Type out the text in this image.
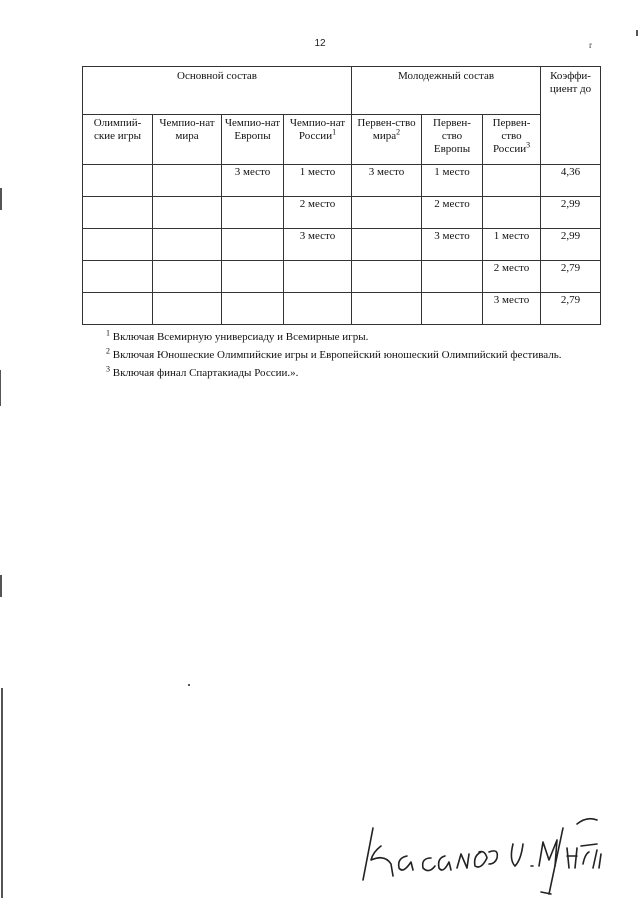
12	r
Основной состав				Молодежный состав			Коэффи-циент до

Олимпий-ские игры	Чемпио-нат мира	Чемпио-нат Европы	Чемпио-нат России$^1$	Первен-ство мира$^2$	Первен-ство Европы	Первен-ство России$^3$
		3 место	1 место	3 место	1 место		4,36
			2 место		2 место		2,99
			3 место		3 место	1 место	2,99
						2 место	2,79
						3 место	2,79

$^1$ Включая Всемирную универсиаду и Всемирные игры.

$^2$ Включая Юношеские Олимпийские игры и Европейский юношеский Олимпийский фестиваль.

$^3$ Включая финал Спартакиады России.».
